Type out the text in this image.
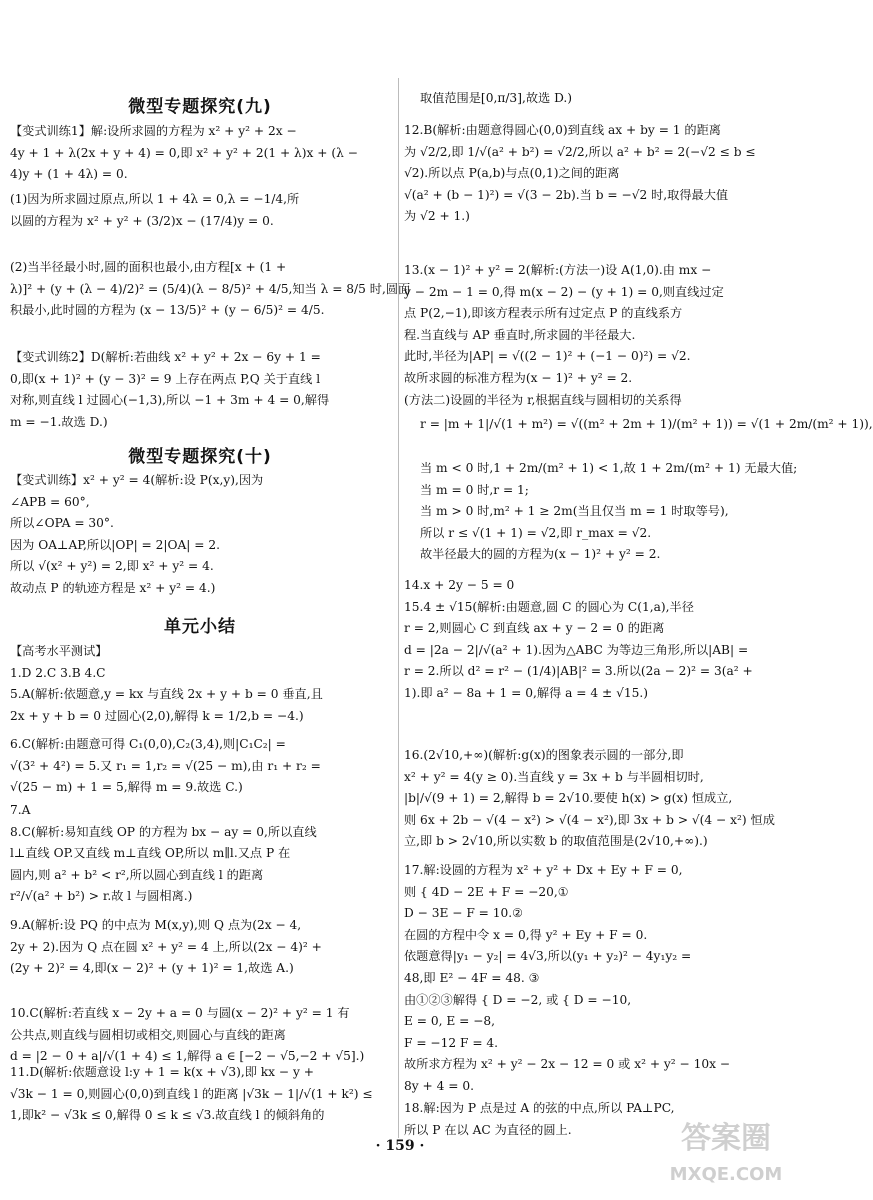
微型专题探究(九)
【变式训练1】解:设所求圆的方程为 x² + y² + 2x −
4y + 1 + λ(2x + y + 4) = 0,即 x² + y² + 2(1 + λ)x + (λ −
4)y + (1 + 4λ) = 0.
(1)因为所求圆过原点,所以 1 + 4λ = 0,λ = −1/4,所
以圆的方程为 x² + y² + (3/2)x − (17/4)y = 0.
(2)当半径最小时,圆的面积也最小,由方程[x + (1 +
λ)]² + (y + (λ − 4)/2)² = (5/4)(λ − 8/5)² + 4/5,知当 λ = 8/5 时,圆面
积最小,此时圆的方程为 (x − 13/5)² + (y − 6/5)² = 4/5.
【变式训练2】D(解析:若曲线 x² + y² + 2x − 6y + 1 =
0,即(x + 1)² + (y − 3)² = 9 上存在两点 P,Q 关于直线 l
对称,则直线 l 过圆心(−1,3),所以 −1 + 3m + 4 = 0,解得
m = −1.故选 D.)
微型专题探究(十)
【变式训练】x² + y² = 4(解析:设 P(x,y),因为
∠APB = 60°,
所以∠OPA = 30°.
因为 OA⊥AP,所以|OP| = 2|OA| = 2.
所以 √(x² + y²) = 2,即 x² + y² = 4.
故动点 P 的轨迹方程是 x² + y² = 4.)
单元小结
【高考水平测试】
1.D 2.C 3.B 4.C
5.A(解析:依题意,y = kx 与直线 2x + y + b = 0 垂直,且
2x + y + b = 0 过圆心(2,0),解得 k = 1/2,b = −4.)
6.C(解析:由题意可得 C₁(0,0),C₂(3,4),则|C₁C₂| =
√(3² + 4²) = 5.又 r₁ = 1,r₂ = √(25 − m),由 r₁ + r₂ =
√(25 − m) + 1 = 5,解得 m = 9.故选 C.)
7.A
8.C(解析:易知直线 OP 的方程为 bx − ay = 0,所以直线
l⊥直线 OP.又直线 m⊥直线 OP,所以 m∥l.又点 P 在
圆内,则 a² + b² < r²,所以圆心到直线 l 的距离
r²/√(a² + b²) > r.故 l 与圆相离.)
9.A(解析:设 PQ 的中点为 M(x,y),则 Q 点为(2x − 4,
2y + 2).因为 Q 点在圆 x² + y² = 4 上,所以(2x − 4)² +
(2y + 2)² = 4,即(x − 2)² + (y + 1)² = 1,故选 A.)
10.C(解析:若直线 x − 2y + a = 0 与圆(x − 2)² + y² = 1 有
公共点,则直线与圆相切或相交,则圆心与直线的距离
d = |2 − 0 + a|/√(1 + 4) ≤ 1,解得 a ∈ [−2 − √5,−2 + √5].)
11.D(解析:依题意设 l:y + 1 = k(x + √3),即 kx − y +
√3k − 1 = 0,则圆心(0,0)到直线 l 的距离 |√3k − 1|/√(1 + k²) ≤
1,即k² − √3k ≤ 0,解得 0 ≤ k ≤ √3.故直线 l 的倾斜角的
取值范围是[0,π/3],故选 D.)
12.B(解析:由题意得圆心(0,0)到直线 ax + by = 1 的距离
为 √2/2,即 1/√(a² + b²) = √2/2,所以 a² + b² = 2(−√2 ≤ b ≤
√2).所以点 P(a,b)与点(0,1)之间的距离
√(a² + (b − 1)²) = √(3 − 2b).当 b = −√2 时,取得最大值
为 √2 + 1.)
13.(x − 1)² + y² = 2(解析:(方法一)设 A(1,0).由 mx −
y − 2m − 1 = 0,得 m(x − 2) − (y + 1) = 0,则直线过定
点 P(2,−1),即该方程表示所有过定点 P 的直线系方
程.当直线与 AP 垂直时,所求圆的半径最大.
此时,半径为|AP| = √((2 − 1)² + (−1 − 0)²) = √2.
故所求圆的标准方程为(x − 1)² + y² = 2.
(方法二)设圆的半径为 r,根据直线与圆相切的关系得
r = |m + 1|/√(1 + m²) = √((m² + 2m + 1)/(m² + 1)) = √(1 + 2m/(m² + 1)),
当 m < 0 时,1 + 2m/(m² + 1) < 1,故 1 + 2m/(m² + 1) 无最大值;
当 m = 0 时,r = 1;
当 m > 0 时,m² + 1 ≥ 2m(当且仅当 m = 1 时取等号),
所以 r ≤ √(1 + 1) = √2,即 r_max = √2.
故半径最大的圆的方程为(x − 1)² + y² = 2.
14.x + 2y − 5 = 0
15.4 ± √15(解析:由题意,圆 C 的圆心为 C(1,a),半径
r = 2,则圆心 C 到直线 ax + y − 2 = 0 的距离
d = |2a − 2|/√(a² + 1).因为△ABC 为等边三角形,所以|AB| =
r = 2.所以 d² = r² − (1/4)|AB|² = 3.所以(2a − 2)² = 3(a² +
1).即 a² − 8a + 1 = 0,解得 a = 4 ± √15.)
16.(2√10,+∞)(解析:g(x)的图象表示圆的一部分,即
x² + y² = 4(y ≥ 0).当直线 y = 3x + b 与半圆相切时,
|b|/√(9 + 1) = 2,解得 b = 2√10.要使 h(x) > g(x) 恒成立,
则 6x + 2b − √(4 − x²) > √(4 − x²),即 3x + b > √(4 − x²) 恒成
立,即 b > 2√10,所以实数 b 的取值范围是(2√10,+∞).)
17.解:设圆的方程为 x² + y² + Dx + Ey + F = 0,
则 { 4D − 2E + F = −20,①
D − 3E − F = 10.②
在圆的方程中令 x = 0,得 y² + Ey + F = 0.
依题意得|y₁ − y₂| = 4√3,所以(y₁ + y₂)² − 4y₁y₂ =
48,即 E² − 4F = 48. ③
由①②③解得 { D = −2, 或 { D = −10,
E = 0, E = −8,
F = −12 F = 4.
故所求方程为 x² + y² − 2x − 12 = 0 或 x² + y² − 10x −
8y + 4 = 0.
18.解:因为 P 点是过 A 的弦的中点,所以 PA⊥PC,
所以 P 在以 AC 为直径的圆上.
· 159 ·	答案圈
MXQE.COM
